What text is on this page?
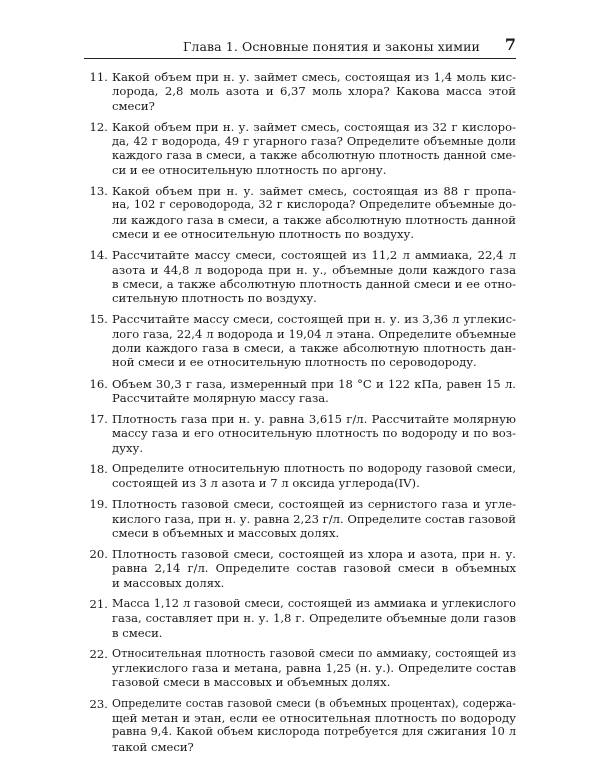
Глава 1. Основные понятия и законы химии 7
11. Какой объем при н. у. займет смесь, состоящая из 1,4 моль кис-
лорода, 2,8 моль азота и 6,37 моль хлора? Какова масса этой
смеси?
12. Какой объем при н. у. займет смесь, состоящая из 32 г кислоро-
да, 42 г водорода, 49 г угарного газа? Определите объемные доли
каждого газа в смеси, а также абсолютную плотность данной сме-
си и ее относительную плотность по аргону.
13. Какой объем при н. у. займет смесь, состоящая из 88 г пропа-
на, 102 г сероводорода, 32 г кислорода? Определите объемные до-
ли каждого газа в смеси, а также абсолютную плотность данной
смеси и ее относительную плотность по воздуху.
14. Рассчитайте массу смеси, состоящей из 11,2 л аммиака, 22,4 л
азота и 44,8 л водорода при н. у., объемные доли каждого газа
в смеси, а также абсолютную плотность данной смеси и ее отно-
сительную плотность по воздуху.
15. Рассчитайте массу смеси, состоящей при н. у. из 3,36 л углекис-
лого газа, 22,4 л водорода и 19,04 л этана. Определите объемные
доли каждого газа в смеси, а также абсолютную плотность дан-
ной смеси и ее относительную плотность по сероводороду.
16. Объем 30,3 г газа, измеренный при 18 °С и 122 кПа, равен 15 л.
Рассчитайте молярную массу газа.
17. Плотность газа при н. у. равна 3,615 г/л. Рассчитайте молярную
массу газа и его относительную плотность по водороду и по воз-
духу.
18. Определите относительную плотность по водороду газовой смеси,
состоящей из 3 л азота и 7 л оксида углерода(IV).
19. Плотность газовой смеси, состоящей из сернистого газа и угле-
кислого газа, при н. у. равна 2,23 г/л. Определите состав газовой
смеси в объемных и массовых долях.
20. Плотность газовой смеси, состоящей из хлора и азота, при н. у.
равна 2,14 г/л. Определите состав газовой смеси в объемных
и массовых долях.
21. Масса 1,12 л газовой смеси, состоящей из аммиака и углекислого
газа, составляет при н. у. 1,8 г. Определите объемные доли газов
в смеси.
22. Относительная плотность газовой смеси по аммиаку, состоящей из
углекислого газа и метана, равна 1,25 (н. у.). Определите состав
газовой смеси в массовых и объемных долях.
23. Определите состав газовой смеси (в объемных процентах), содержа-
щей метан и этан, если ее относительная плотность по водороду
равна 9,4. Какой объем кислорода потребуется для сжигания 10 л
такой смеси?
